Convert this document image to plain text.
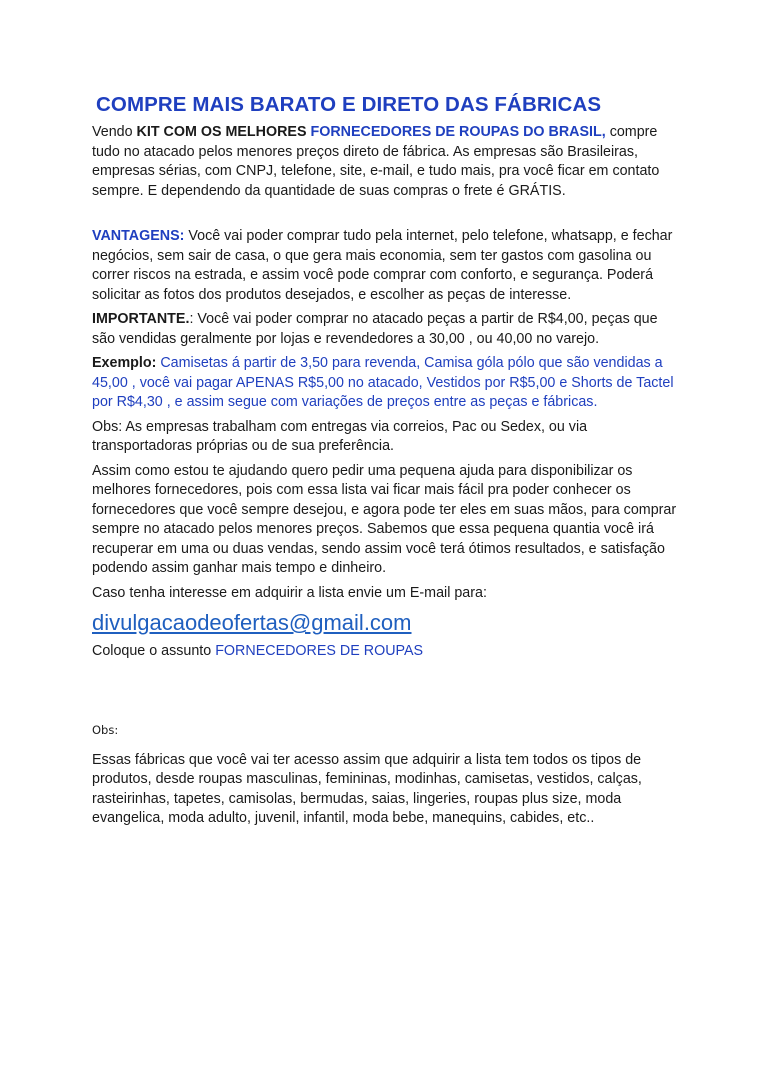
COMPRE MAIS BARATO E DIRETO DAS FÁBRICAS

Vendo KIT COM OS MELHORES FORNECEDORES DE ROUPAS DO BRASIL, compre tudo no atacado pelos menores preços direto de fábrica. As empresas são Brasileiras, empresas sérias, com CNPJ, telefone, site, e-mail, e tudo mais, pra você ficar em contato sempre. E dependendo da quantidade de suas compras o frete é GRÁTIS.

VANTAGENS: Você vai poder comprar tudo pela internet, pelo telefone, whatsapp, e fechar negócios, sem sair de casa, o que gera mais economia, sem ter gastos com gasolina ou correr riscos na estrada, e assim você pode comprar com conforto, e segurança. Poderá solicitar as fotos dos produtos desejados, e escolher as peças de interesse.

IMPORTANTE.: Você vai poder comprar no atacado peças a partir de R$4,00, peças que são vendidas geralmente por lojas e revendedores a 30,00 , ou 40,00 no varejo.

Exemplo: Camisetas á partir de 3,50 para revenda, Camisa góla pólo que são vendidas a 45,00 , você vai pagar APENAS R$5,00 no atacado, Vestidos por R$5,00 e Shorts de Tactel por R$4,30 , e assim segue com variações de preços entre as peças e fábricas.

Obs: As empresas trabalham com entregas via correios, Pac ou Sedex, ou via transportadoras próprias ou de sua preferência.

Assim como estou te ajudando quero pedir uma pequena ajuda para disponibilizar os melhores fornecedores, pois com essa lista vai ficar mais fácil pra poder conhecer os fornecedores que você sempre desejou, e agora pode ter eles em suas mãos, para comprar sempre no atacado pelos menores preços. Sabemos que essa pequena quantia você irá recuperar em uma ou duas vendas, sendo assim você terá ótimos resultados, e satisfação podendo assim ganhar mais tempo e dinheiro.

Caso tenha interesse em adquirir a lista envie um E-mail para:

divulgacaodeofertas@gmail.com

Coloque o assunto FORNECEDORES DE ROUPAS

Obs:

Essas fábricas que você vai ter acesso assim que adquirir a lista tem todos os tipos de produtos, desde roupas masculinas, femininas, modinhas, camisetas, vestidos, calças, rasteirinhas, tapetes, camisolas, bermudas, saias, lingeries, roupas plus size, moda evangelica, moda adulto, juvenil, infantil, moda bebe, manequins, cabides, etc..
